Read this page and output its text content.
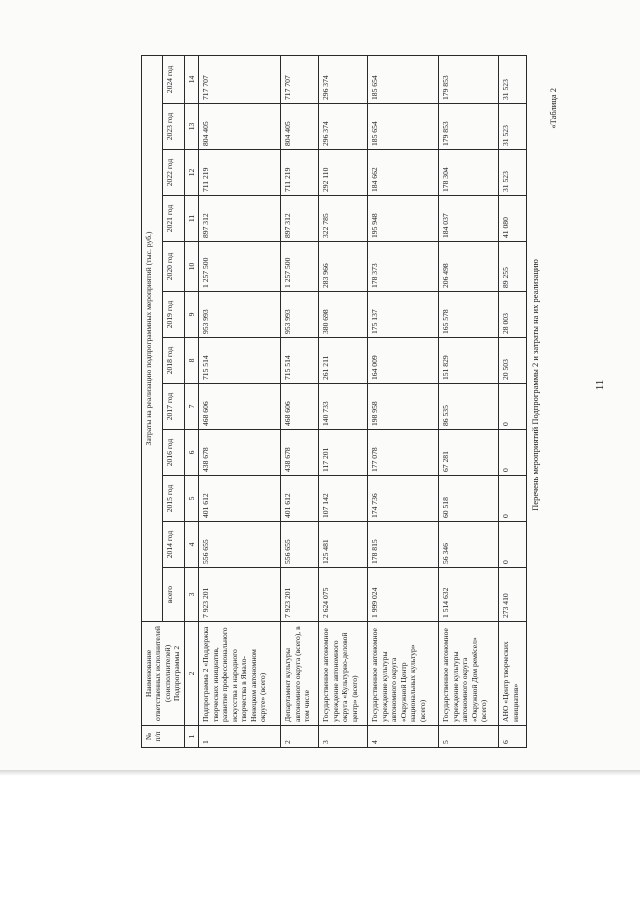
11
«Таблица 2
Перечень мероприятий Подпрограммы 2 и затраты на их реализацию
№ п/п	Наименование ответственных исполнителей (соисполнителей) Подпрограммы 2	Затраты на реализацию подпрограммных мероприятий (тыс. руб.)											
		всего	2014 год	2015 год	2016 год	2017 год	2018 год	2019 год	2020 год	2021 год	2022 год	2023 год	2024 год
1	2	3	4	5	6	7	8	9	10	11	12	13	14
1	Подпрограмма 2 «Поддержка творческих инициатив, развитие профессионального искусства и народного творчества в Ямало-Ненецком автономном округе» (всего)	7 923 201	556 655	401 612	438 678	468 606	715 514	953 993	1 257 500	897 312	711 219	804 405	717 707
2	Департамент культуры автономного округа (всего), в том числе	7 923 201	556 655	401 612	438 678	468 606	715 514	953 993	1 257 500	897 312	711 219	804 405	717 707
3	Государственное автономное учреждение автономного округа «Культурно-деловой центр» (всего)	2 624 075	125 481	107 142	117 201	140 733	261 211	380 698	283 966	322 785	292 110	296 374	296 374
4	Государственное автономное учреждение культуры автономного округа «Окружной Центр национальных культур» (всего)	1 999 024	178 815	174 736	177 078	198 958	164 009	175 137	178 373	195 948	184 662	185 654	185 654
5	Государственное автономное учреждение культуры автономного округа «Окружной Дом ремёсел» (всего)	1 514 632	56 346	60 518	67 281	86 535	151 829	165 578	206 498	184 037	178 304	179 853	179 853
6	АНО «Центр творческих инициатив»	273 410	0	0	0	0	20 503	28 003	89 255	41 080	31 523	31 523	31 523
